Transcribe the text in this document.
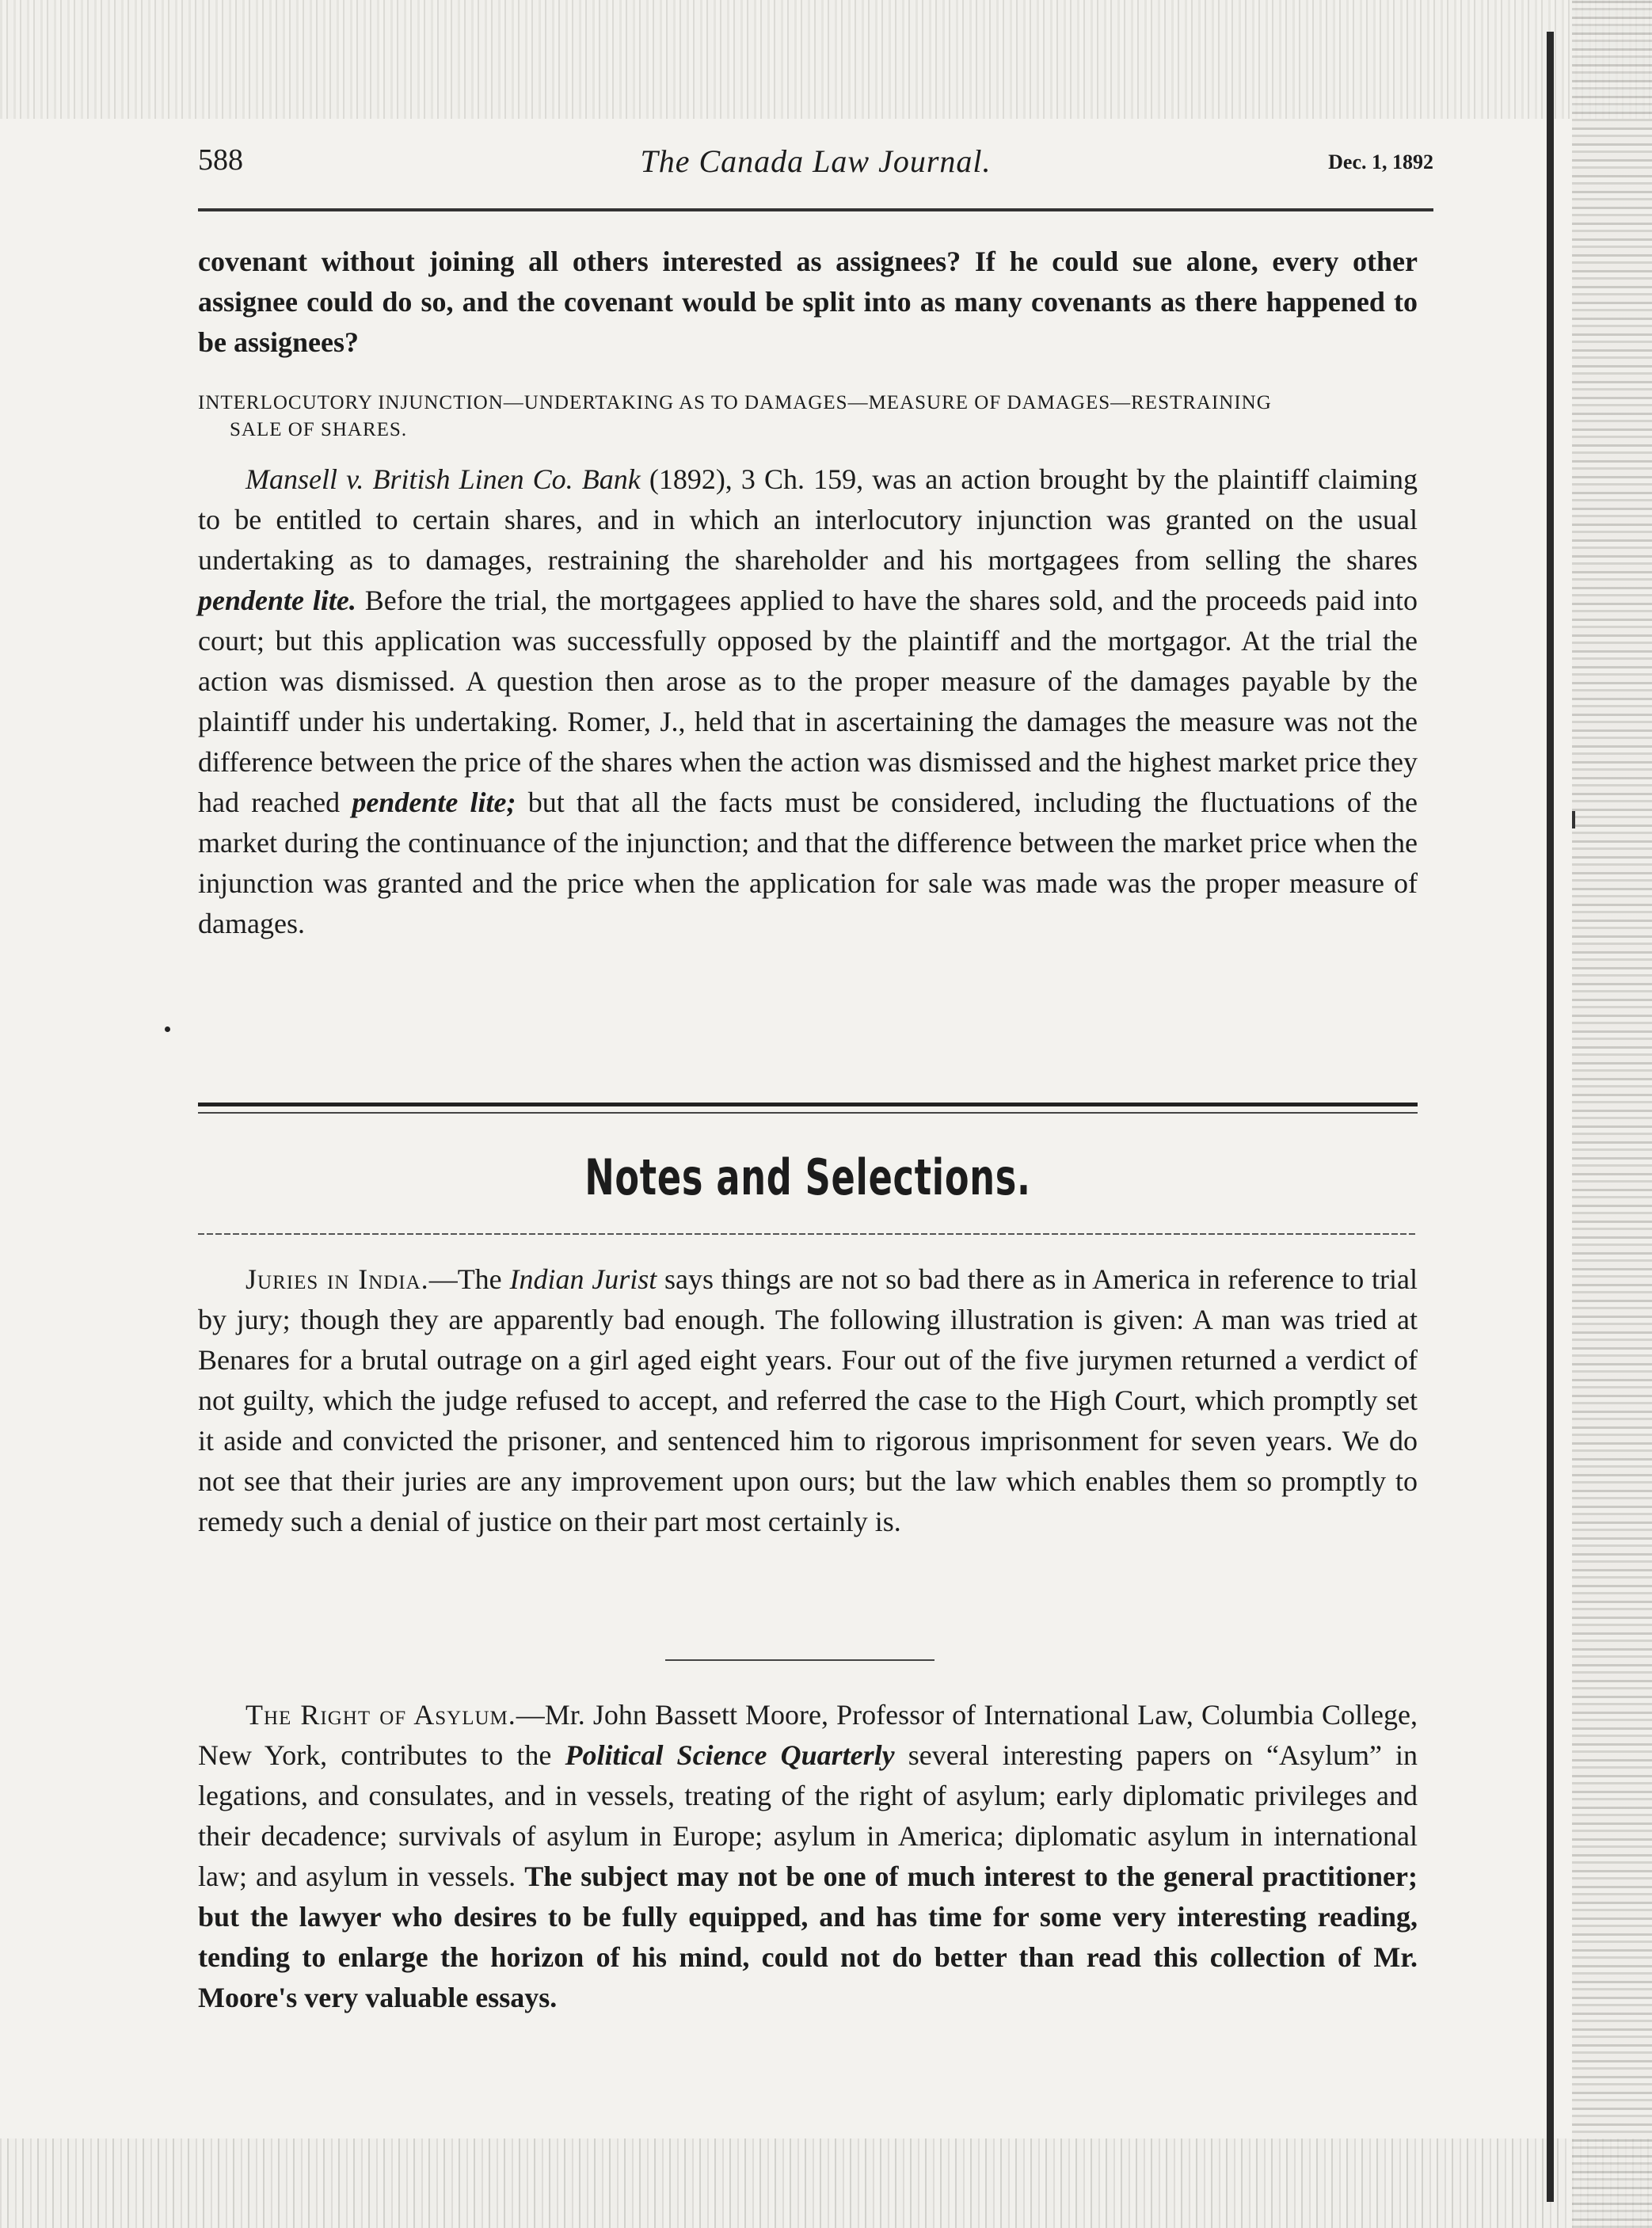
588	The Canada Law Journal.	Dec. 1, 1892
covenant without joining all others interested as assignees? If he could sue alone, every other assignee could do so, and the covenant would be split into as many covenants as there happened to be assignees?
INTERLOCUTORY INJUNCTION—UNDERTAKING AS TO DAMAGES—MEASURE OF DAMAGES—RESTRAINING
SALE OF SHARES.
Mansell v. British Linen Co. Bank (1892), 3 Ch. 159, was an action brought by the plaintiff claiming to be entitled to certain shares, and in which an interlocutory injunction was granted on the usual undertaking as to damages, restraining the shareholder and his mortgagees from selling the shares pendente lite. Before the trial, the mortgagees applied to have the shares sold, and the proceeds paid into court; but this application was successfully opposed by the plaintiff and the mortgagor. At the trial the action was dismissed. A question then arose as to the proper measure of the damages payable by the plaintiff under his undertaking. Romer, J., held that in ascertaining the damages the measure was not the difference between the price of the shares when the action was dismissed and the highest market price they had reached pendente lite; but that all the facts must be considered, including the fluctuations of the market during the continuance of the injunction; and that the difference between the market price when the injunction was granted and the price when the application for sale was made was the proper measure of damages.
Notes and Selections.
Juries in India.—The Indian Jurist says things are not so bad there as in America in reference to trial by jury; though they are apparently bad enough. The following illustration is given: A man was tried at Benares for a brutal outrage on a girl aged eight years. Four out of the five jurymen returned a verdict of not guilty, which the judge refused to accept, and referred the case to the High Court, which promptly set it aside and convicted the prisoner, and sentenced him to rigorous imprisonment for seven years. We do not see that their juries are any improvement upon ours; but the law which enables them so promptly to remedy such a denial of justice on their part most certainly is.
The Right of Asylum.—Mr. John Bassett Moore, Professor of International Law, Columbia College, New York, contributes to the Political Science Quarterly several interesting papers on “Asylum” in legations, and consulates, and in vessels, treating of the right of asylum; early diplomatic privileges and their decadence; survivals of asylum in Europe; asylum in America; diplomatic asylum in international law; and asylum in vessels. The subject may not be one of much interest to the general practitioner; but the lawyer who desires to be fully equipped, and has time for some very interesting reading, tending to enlarge the horizon of his mind, could not do better than read this collection of Mr. Moore's very valuable essays.
